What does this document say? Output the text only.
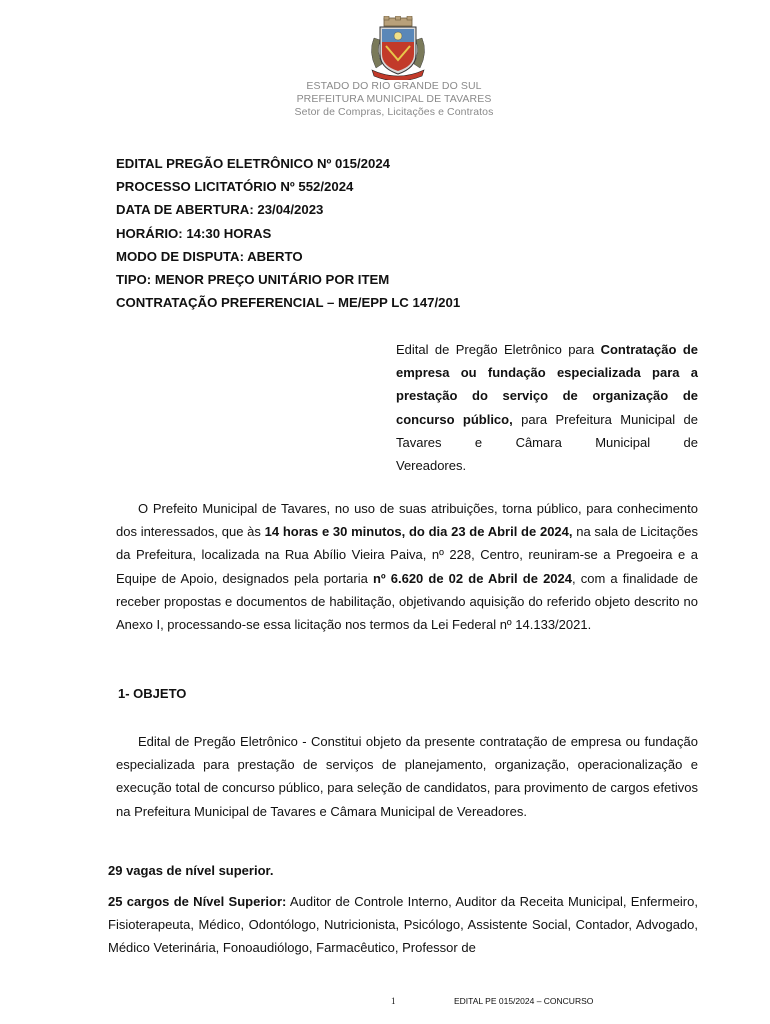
ESTADO DO RIO GRANDE DO SUL
PREFEITURA MUNICIPAL DE TAVARES
Setor de Compras, Licitações e Contratos
EDITAL PREGÃO ELETRÔNICO Nº 015/2024
PROCESSO LICITATÓRIO Nº 552/2024
DATA DE ABERTURA: 23/04/2023
HORÁRIO: 14:30 HORAS
MODO DE DISPUTA: ABERTO
TIPO: MENOR PREÇO UNITÁRIO POR ITEM
CONTRATAÇÃO PREFERENCIAL – ME/EPP LC 147/201
Edital de Pregão Eletrônico para Contratação de empresa ou fundação especializada para a prestação do serviço de organização de concurso público, para Prefeitura Municipal de Tavares e Câmara Municipal de
Vereadores.
O Prefeito Municipal de Tavares, no uso de suas atribuições, torna público, para conhecimento dos interessados, que às 14 horas e 30 minutos, do dia 23 de Abril de 2024, na sala de Licitações da Prefeitura, localizada na Rua Abílio Vieira Paiva, nº 228, Centro, reuniram-se a Pregoeira e a Equipe de Apoio, designados pela portaria nº 6.620 de 02 de Abril de 2024, com a finalidade de receber propostas e documentos de habilitação, objetivando aquisição do referido objeto descrito no Anexo I, processando-se essa licitação nos termos da Lei Federal nº 14.133/2021.
1- OBJETO
Edital de Pregão Eletrônico - Constitui objeto da presente contratação de empresa ou fundação especializada para prestação de serviços de planejamento, organização, operacionalização e execução total de concurso público, para seleção de candidatos, para provimento de cargos efetivos na Prefeitura Municipal de Tavares e Câmara Municipal de Vereadores.
29 vagas de nível superior.
25 cargos de Nível Superior: Auditor de Controle Interno, Auditor da Receita Municipal, Enfermeiro, Fisioterapeuta, Médico, Odontólogo, Nutricionista, Psicólogo, Assistente Social, Contador, Advogado, Médico Veterinária, Fonoaudiólogo, Farmacêutico, Professor de
1	EDITAL PE 015/2024 – CONCURSO
